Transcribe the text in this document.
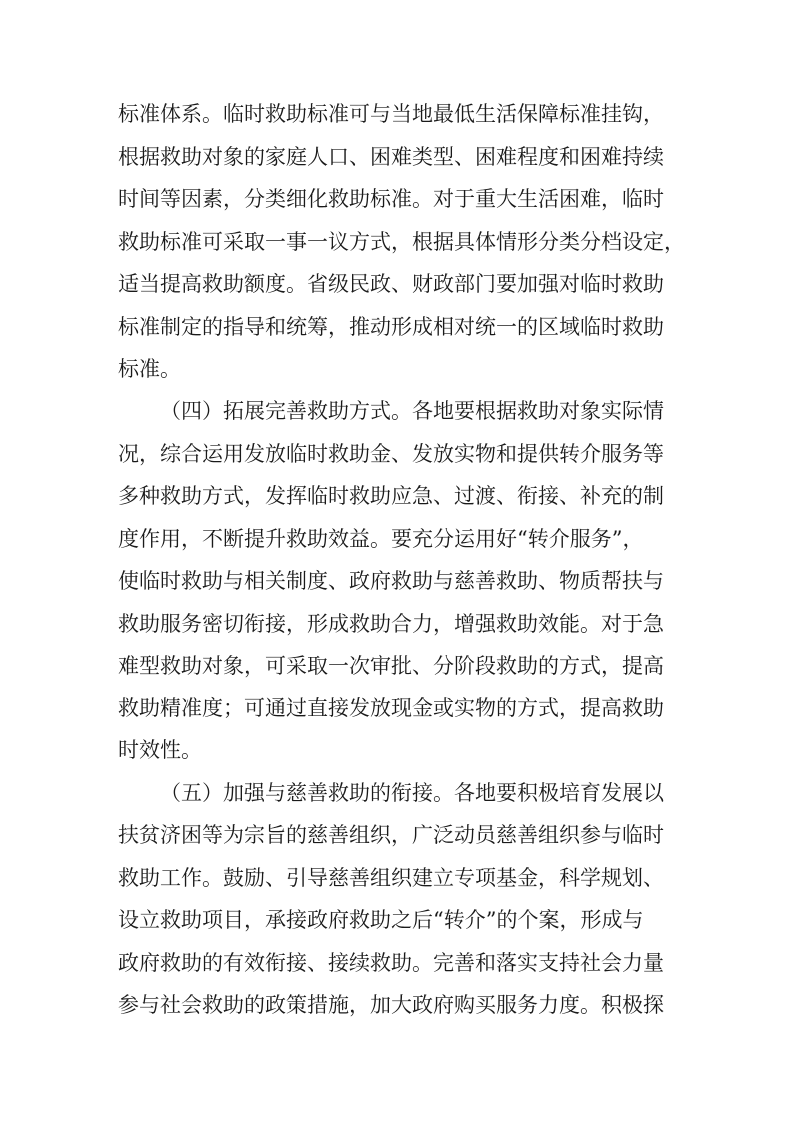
标准体系。临时救助标准可与当地最低生活保障标准挂钩，
根据救助对象的家庭人口、困难类型、困难程度和困难持续
时间等因素，分类细化救助标准。对于重大生活困难，临时
救助标准可采取一事一议方式，根据具体情形分类分档设定，
适当提高救助额度。省级民政、财政部门要加强对临时救助
标准制定的指导和统筹，推动形成相对统一的区域临时救助
标准。
（四）拓展完善救助方式。各地要根据救助对象实际情
况，综合运用发放临时救助金、发放实物和提供转介服务等
多种救助方式，发挥临时救助应急、过渡、衔接、补充的制
度作用，不断提升救助效益。要充分运用好“转介服务”，
使临时救助与相关制度、政府救助与慈善救助、物质帮扶与
救助服务密切衔接，形成救助合力，增强救助效能。对于急
难型救助对象，可采取一次审批、分阶段救助的方式，提高
救助精准度；可通过直接发放现金或实物的方式，提高救助
时效性。
（五）加强与慈善救助的衔接。各地要积极培育发展以
扶贫济困等为宗旨的慈善组织，广泛动员慈善组织参与临时
救助工作。鼓励、引导慈善组织建立专项基金，科学规划、
设立救助项目，承接政府救助之后“转介”的个案，形成与
政府救助的有效衔接、接续救助。完善和落实支持社会力量
参与社会救助的政策措施，加大政府购买服务力度。积极探
